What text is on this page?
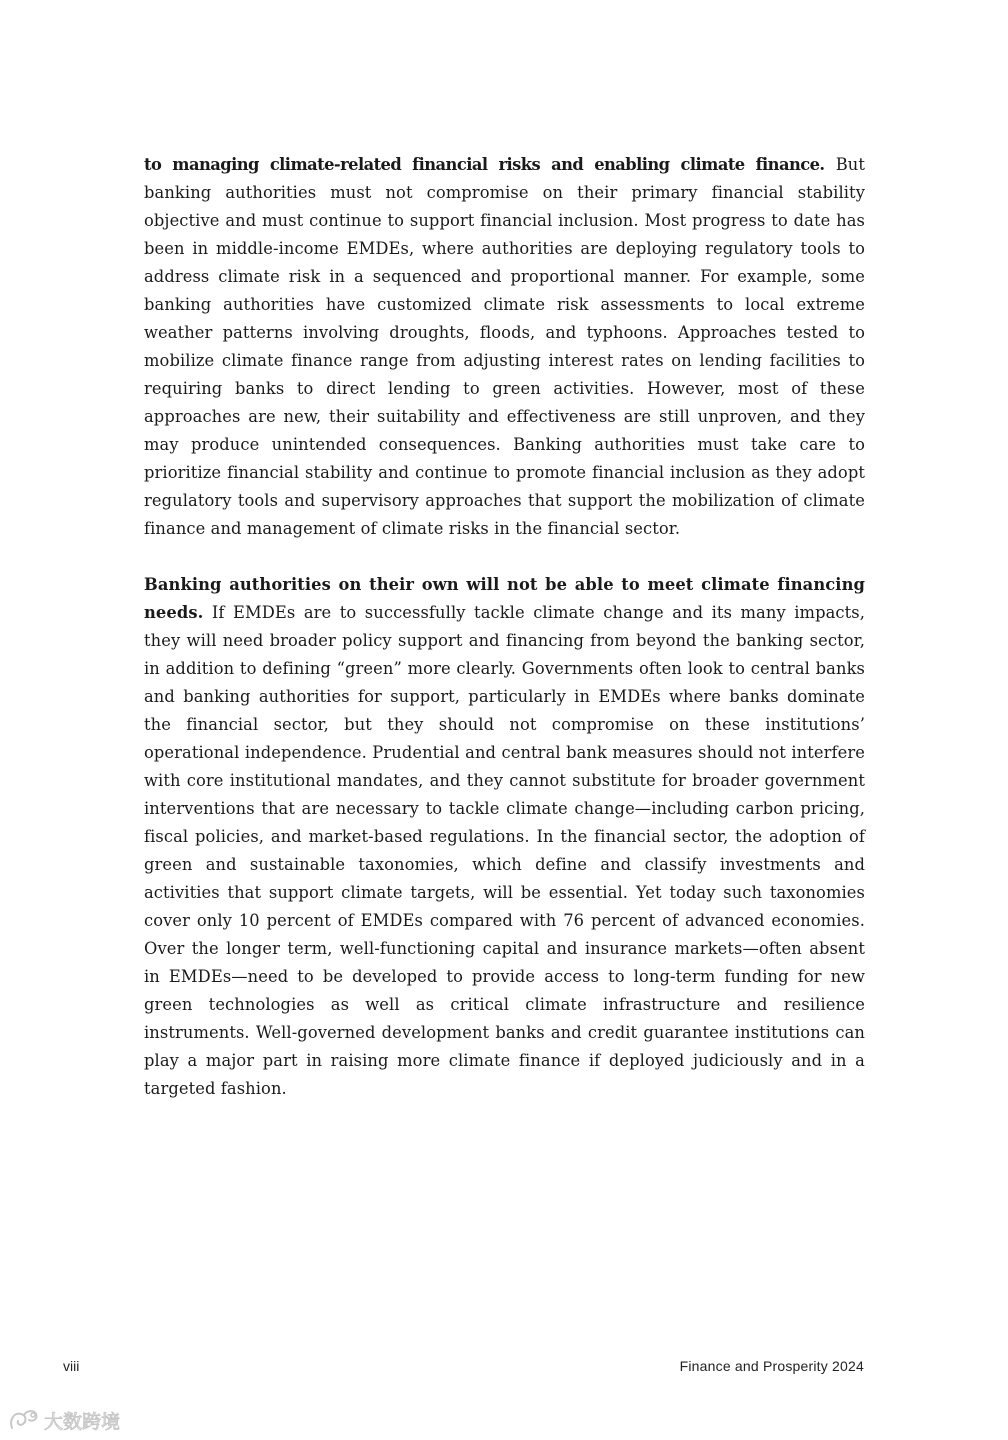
to managing climate-related financial risks and enabling climate finance. But banking authorities must not compromise on their primary financial stability objective and must continue to support financial inclusion. Most progress to date has been in middle-income EMDEs, where authorities are deploying regulatory tools to address climate risk in a sequenced and proportional manner. For example, some banking authorities have customized climate risk assessments to local extreme weather patterns involving droughts, floods, and typhoons. Approaches tested to mobilize climate finance range from adjusting interest rates on lending facilities to requiring banks to direct lending to green activities. However, most of these approaches are new, their suitability and effectiveness are still unproven, and they may produce unintended consequences. Banking authorities must take care to prioritize financial stability and continue to promote financial inclusion as they adopt regulatory tools and supervisory approaches that support the mobilization of climate finance and management of climate risks in the financial sector.

Banking authorities on their own will not be able to meet climate financing needs. If EMDEs are to successfully tackle climate change and its many impacts, they will need broader policy support and financing from beyond the banking sector, in addition to defining “green” more clearly. Governments often look to central banks and banking authorities for support, particularly in EMDEs where banks dominate the financial sector, but they should not compromise on these institutions’ operational independence. Prudential and central bank measures should not interfere with core institutional mandates, and they cannot substitute for broader government interventions that are necessary to tackle climate change—including carbon pricing, fiscal policies, and market-based regulations. In the financial sector, the adoption of green and sustainable taxonomies, which define and classify investments and activities that support climate targets, will be essential. Yet today such taxonomies cover only 10 percent of EMDEs compared with 76 percent of advanced economies. Over the longer term, well-functioning capital and insurance markets—often absent in EMDEs—need to be developed to provide access to long-term funding for new green technologies as well as critical climate infrastructure and resilience instruments. Well-governed development banks and credit guarantee institutions can play a major part in raising more climate finance if deployed judiciously and in a targeted fashion.

viii	Finance and Prosperity 2024

大数跨境
